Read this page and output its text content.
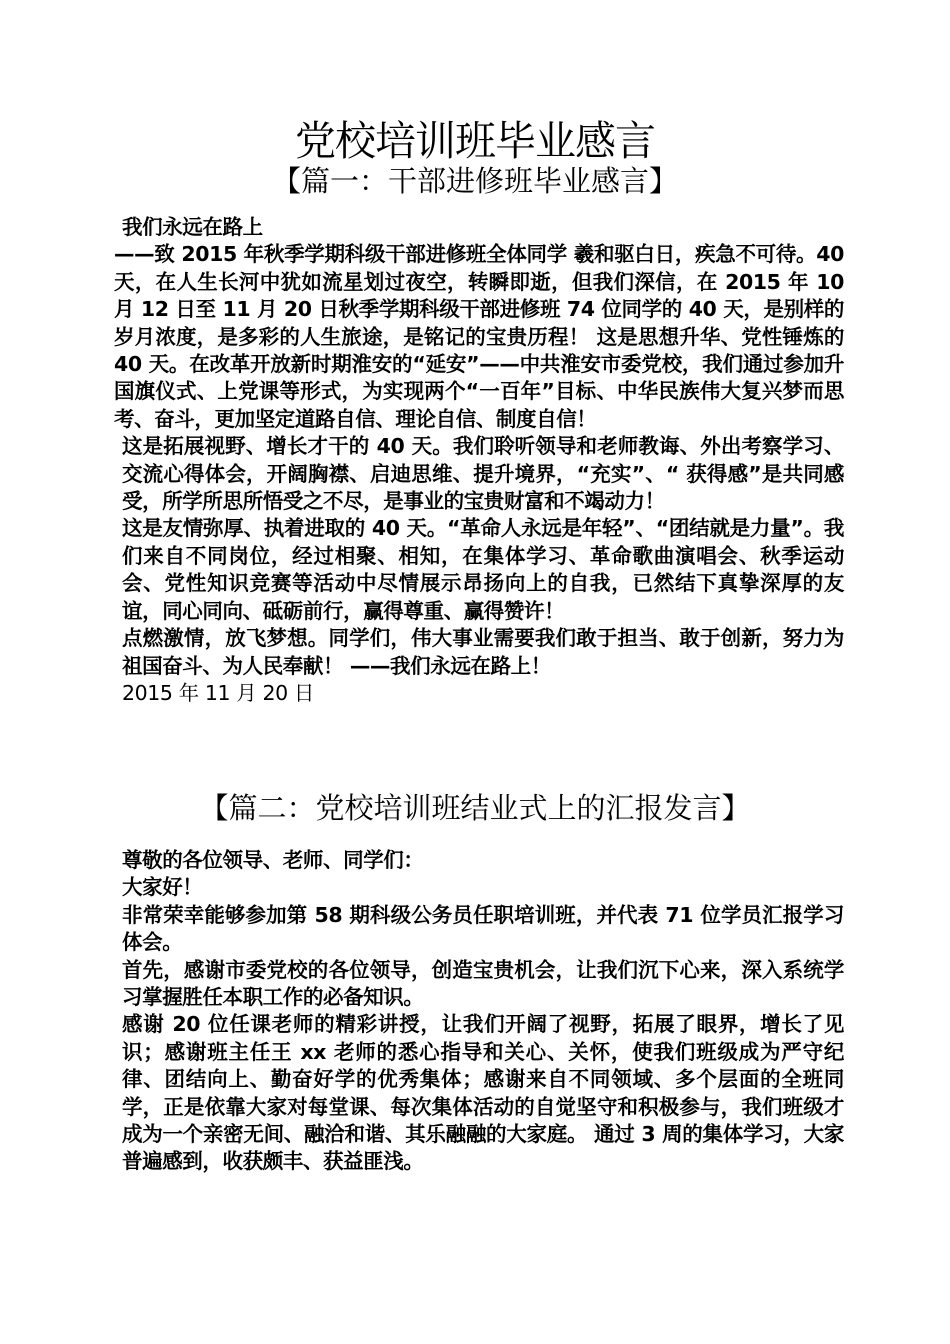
党校培训班毕业感言
【篇一：干部进修班毕业感言】

我们永远在路上

——致 2015 年秋季学期科级干部进修班全体同学 羲和驱白日，疾急不可待。40 天，在人生长河中犹如流星划过夜空，转瞬即逝，但我们深信，在 2015 年 10 月 12 日至 11 月 20 日秋季学期科级干部进修班 74 位同学的 40 天，是别样的岁月浓度，是多彩的人生旅途，是铭记的宝贵历程！ 这是思想升华、党性锤炼的 40 天。在改革开放新时期淮安的“延安”——中共淮安市委党校，我们通过参加升国旗仪式、上党课等形式，为实现两个“一百年”目标、中华民族伟大复兴梦而思考、奋斗，更加坚定道路自信、理论自信、制度自信！

这是拓展视野、增长才干的 40 天。我们聆听领导和老师教诲、外出考察学习、交流心得体会，开阔胸襟、启迪思维、提升境界，“充实”、“ 获得感”是共同感受，所学所思所悟受之不尽，是事业的宝贵财富和不竭动力！

这是友情弥厚、执着进取的 40 天。“革命人永远是年轻”、“团结就是力量”。我们来自不同岗位，经过相聚、相知，在集体学习、革命歌曲演唱会、秋季运动会、党性知识竞赛等活动中尽情展示昂扬向上的自我，已然结下真挚深厚的友谊，同心同向、砥砺前行，赢得尊重、赢得赞许！

点燃激情，放飞梦想。同学们，伟大事业需要我们敢于担当、敢于创新，努力为祖国奋斗、为人民奉献！ ——我们永远在路上！

2015 年 11 月 20 日

【篇二：党校培训班结业式上的汇报发言】

尊敬的各位领导、老师、同学们：

大家好！

非常荣幸能够参加第 58 期科级公务员任职培训班，并代表 71 位学员汇报学习体会。

首先，感谢市委党校的各位领导，创造宝贵机会，让我们沉下心来，深入系统学习掌握胜任本职工作的必备知识。

感谢 20 位任课老师的精彩讲授，让我们开阔了视野，拓展了眼界，增长了见识；感谢班主任王 xx 老师的悉心指导和关心、关怀，使我们班级成为严守纪律、团结向上、勤奋好学的优秀集体；感谢来自不同领域、多个层面的全班同学，正是依靠大家对每堂课、每次集体活动的自觉坚守和积极参与，我们班级才成为一个亲密无间、融洽和谐、其乐融融的大家庭。 通过 3 周的集体学习，大家普遍感到，收获颇丰、获益匪浅。
